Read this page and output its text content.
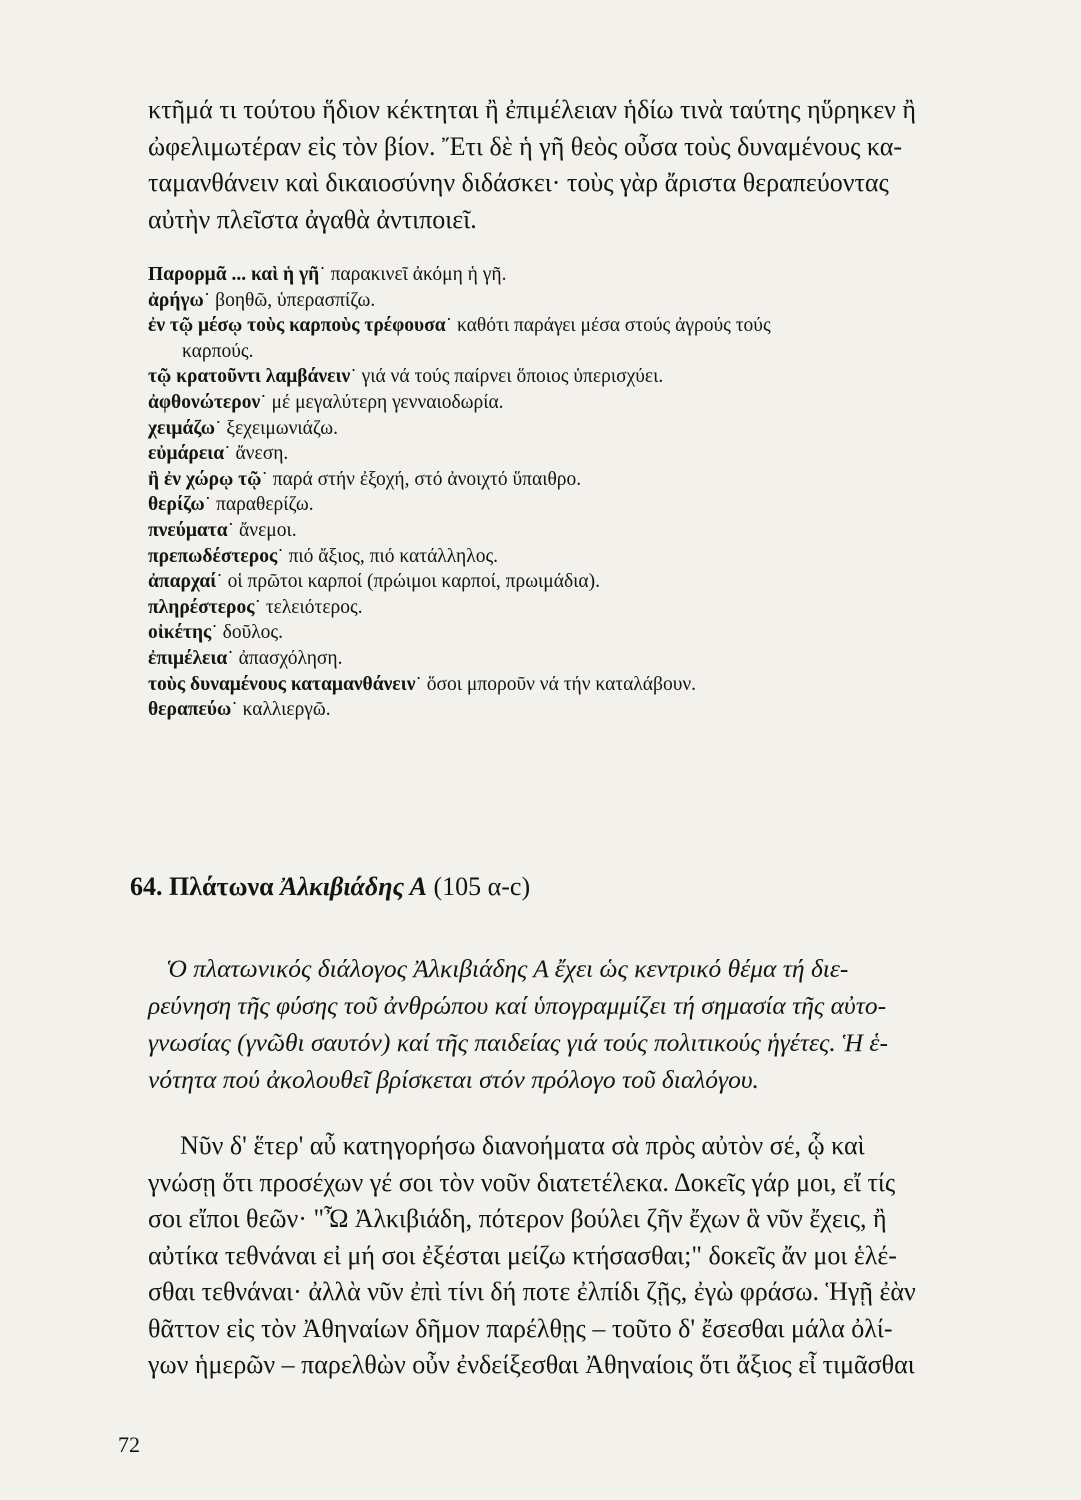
κτῆμά τι τούτου ἥδιον κέκτηται ἢ ἐπιμέλειαν ἡδίω τινὰ ταύτης ηὕρηκεν ἢ
ὠφελιμωτέραν εἰς τὸν βίον. Ἔτι δὲ ἡ γῆ θεὸς οὖσα τοὺς δυναμένους κα-
ταμανθάνειν καὶ δικαιοσύνην διδάσκει· τοὺς γὰρ ἄριστα θεραπεύοντας
αὐτὴν πλεῖστα ἀγαθὰ ἀντιποιεῖ.
Παρορμᾶ ... καὶ ἡ γῆ˙ παρακινεῖ ἀκόμη ἡ γῆ.
ἀρήγω˙ βοηθῶ, ὑπερασπίζω.
ἐν τῷ μέσῳ τοὺς καρποὺς τρέφουσα˙ καθότι παράγει μέσα στούς ἀγρούς τούς
καρπούς.
τῷ κρατοῦντι λαμβάνειν˙ γιά νά τούς παίρνει ὅποιος ὑπερισχύει.
ἀφθονώτερον˙ μέ μεγαλύτερη γενναιοδωρία.
χειμάζω˙ ξεχειμωνιάζω.
εὐμάρεια˙ ἄνεση.
ἢ ἐν χώρῳ τῷ˙ παρά στήν ἐξοχή, στό ἀνοιχτό ὕπαιθρο.
θερίζω˙ παραθερίζω.
πνεύματα˙ ἄνεμοι.
πρεπωδέστερος˙ πιό ἄξιος, πιό κατάλληλος.
ἀπαρχαί˙ οἱ πρῶτοι καρποί (πρώιμοι καρποί, πρωιμάδια).
πληρέστερος˙ τελειότερος.
οἰκέτης˙ δοῦλος.
ἐπιμέλεια˙ ἀπασχόληση.
τοὺς δυναμένους καταμανθάνειν˙ ὅσοι μποροῦν νά τήν καταλάβουν.
θεραπεύω˙ καλλιεργῶ.
64. Πλάτωνα Ἀλκιβιάδης Α (105 α-c)
Ὁ πλατωνικός διάλογος Ἀλκιβιάδης Α ἔχει ὡς κεντρικό θέμα τή διε-
ρεύνηση τῆς φύσης τοῦ ἀνθρώπου καί ὑπογραμμίζει τή σημασία τῆς αὐτο-
γνωσίας (γνῶθι σαυτόν) καί τῆς παιδείας γιά τούς πολιτικούς ἡγέτες. Ἡ ἑ-
νότητα πού ἀκολουθεῖ βρίσκεται στόν πρόλογο τοῦ διαλόγου.
Νῦν δ' ἕτερ' αὖ κατηγορήσω διανοήματα σὰ πρὸς αὐτὸν σέ, ᾧ καὶ
γνώσῃ ὅτι προσέχων γέ σοι τὸν νοῦν διατετέλεκα. Δοκεῖς γάρ μοι, εἴ τίς
σοι εἴποι θεῶν· "Ὦ Ἀλκιβιάδη, πότερον βούλει ζῆν ἔχων ἃ νῦν ἔχεις, ἢ
αὐτίκα τεθνάναι εἰ μή σοι ἐξέσται μείζω κτήσασθαι;" δοκεῖς ἄν μοι ἑλέ-
σθαι τεθνάναι· ἀλλὰ νῦν ἐπὶ τίνι δή ποτε ἐλπίδι ζῇς, ἐγὼ φράσω. Ἡγῇ ἐὰν
θᾶττον εἰς τὸν Ἀθηναίων δῆμον παρέλθῃς – τοῦτο δ' ἔσεσθαι μάλα ὀλί-
γων ἡμερῶν – παρελθὼν οὖν ἐνδείξεσθαι Ἀθηναίοις ὅτι ἄξιος εἶ τιμᾶσθαι

72
